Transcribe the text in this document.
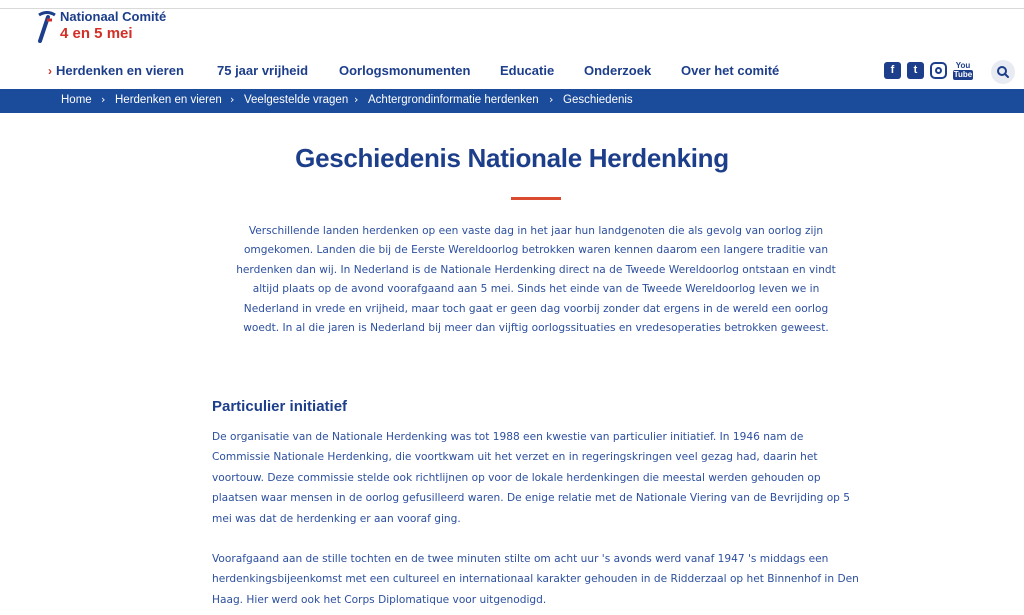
Nationaal Comité
4 en 5 mei
› Herdenken en vieren	75 jaar vrijheid Oorlogsmonumenten Educatie Onderzoek Over het comité	f	t	You
Tube
Home › Herdenken en vieren › Veelgestelde vragen › Achtergrondinformatie herdenken › Geschiedenis
Geschiedenis Nationale Herdenking

Verschillende landen herdenken op een vaste dag in het jaar hun landgenoten die als gevolg van oorlog zijn omgekomen. Landen die bij de Eerste Wereldoorlog betrokken waren kennen daarom een langere traditie van herdenken dan wij. In Nederland is de Nationale Herdenking direct na de Tweede Wereldoorlog ontstaan en vindt altijd plaats op de avond voorafgaand aan 5 mei. Sinds het einde van de Tweede Wereldoorlog leven we in Nederland in vrede en vrijheid, maar toch gaat er geen dag voorbij zonder dat ergens in de wereld een oorlog woedt. In al die jaren is Nederland bij meer dan vijftig oorlogssituaties en vredesoperaties betrokken geweest.

Particulier initiatief

De organisatie van de Nationale Herdenking was tot 1988 een kwestie van particulier initiatief. In 1946 nam de Commissie Nationale Herdenking, die voortkwam uit het verzet en in regeringskringen veel gezag had, daarin het voortouw. Deze commissie stelde ook richtlijnen op voor de lokale herdenkingen die meestal werden gehouden op plaatsen waar mensen in de oorlog gefusilleerd waren. De enige relatie met de Nationale Viering van de Bevrijding op 5 mei was dat de herdenking er aan vooraf ging.

Voorafgaand aan de stille tochten en de twee minuten stilte om acht uur 's avonds werd vanaf 1947 's middags een herdenkingsbijeenkomst met een cultureel en internationaal karakter gehouden in de Ridderzaal op het Binnenhof in Den Haag. Hier werd ook het Corps Diplomatique voor uitgenodigd.
